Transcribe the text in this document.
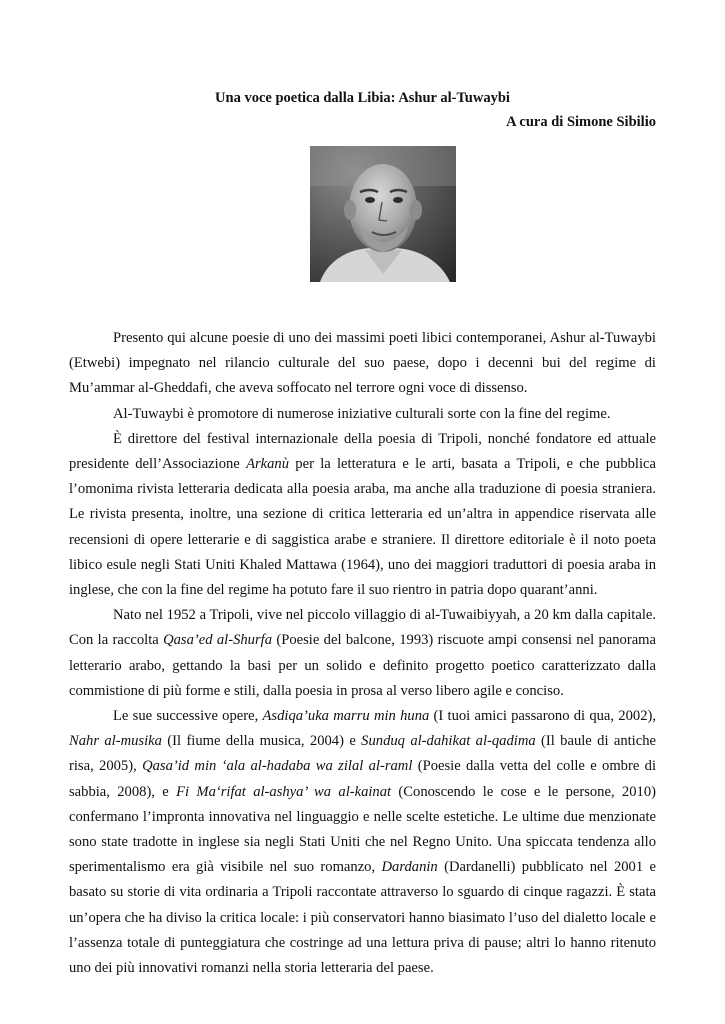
Una voce poetica dalla Libia: Ashur al-Tuwaybi

A cura di Simone Sibilio

Presento qui alcune poesie di uno dei massimi poeti libici contemporanei, Ashur al-Tuwaybi (Etwebi) impegnato nel rilancio culturale del suo paese, dopo i decenni bui del regime di Mu’ammar al-Gheddafi, che aveva soffocato nel terrore ogni voce di dissenso.

Al-Tuwaybi è promotore di numerose iniziative culturali sorte con la fine del regime.

È direttore del festival internazionale della poesia di Tripoli, nonché fondatore ed attuale presidente dell’Associazione Arkanù per la letteratura e le arti, basata a Tripoli, e che pubblica l’omonima rivista letteraria dedicata alla poesia araba, ma anche alla traduzione di poesia straniera. Le rivista presenta, inoltre, una sezione di critica letteraria ed un’altra in appendice riservata alle recensioni di opere letterarie e di saggistica arabe e straniere. Il direttore editoriale è il noto poeta libico esule negli Stati Uniti Khaled Mattawa (1964), uno dei maggiori traduttori di poesia araba in inglese, che con la fine del regime ha potuto fare il suo rientro in patria dopo quarant’anni.

Nato nel 1952 a Tripoli, vive nel piccolo villaggio di al-Tuwaibiyyah, a 20 km dalla capitale. Con la raccolta Qasa’ed al-Shurfa (Poesie del balcone, 1993) riscuote ampi consensi nel panorama letterario arabo, gettando la basi per un solido e definito progetto poetico caratterizzato dalla commistione di più forme e stili, dalla poesia in prosa al verso libero agile e conciso.

Le sue successive opere, Asdiqa’uka marru min huna (I tuoi amici passarono di qua, 2002), Nahr al-musika (Il fiume della musica, 2004) e Sunduq al-dahikat al-qadima (Il baule di antiche risa, 2005), Qasa’id min ‘ala al-hadaba wa zilal al-raml (Poesie dalla vetta del colle e ombre di sabbia, 2008), e Fi Ma‘rifat al-ashya’ wa al-kainat (Conoscendo le cose e le persone, 2010) confermano l’impronta innovativa nel linguaggio e nelle scelte estetiche. Le ultime due menzionate sono state tradotte in inglese sia negli Stati Uniti che nel Regno Unito. Una spiccata tendenza allo sperimentalismo era già visibile nel suo romanzo, Dardanin (Dardanelli) pubblicato nel 2001 e basato su storie di vita ordinaria a Tripoli raccontate attraverso lo sguardo di cinque ragazzi. È stata un’opera che ha diviso la critica locale: i più conservatori hanno biasimato l’uso del dialetto locale e l’assenza totale di punteggiatura che costringe ad una lettura priva di pause; altri lo hanno ritenuto uno dei più innovativi romanzi nella storia letteraria del paese.
